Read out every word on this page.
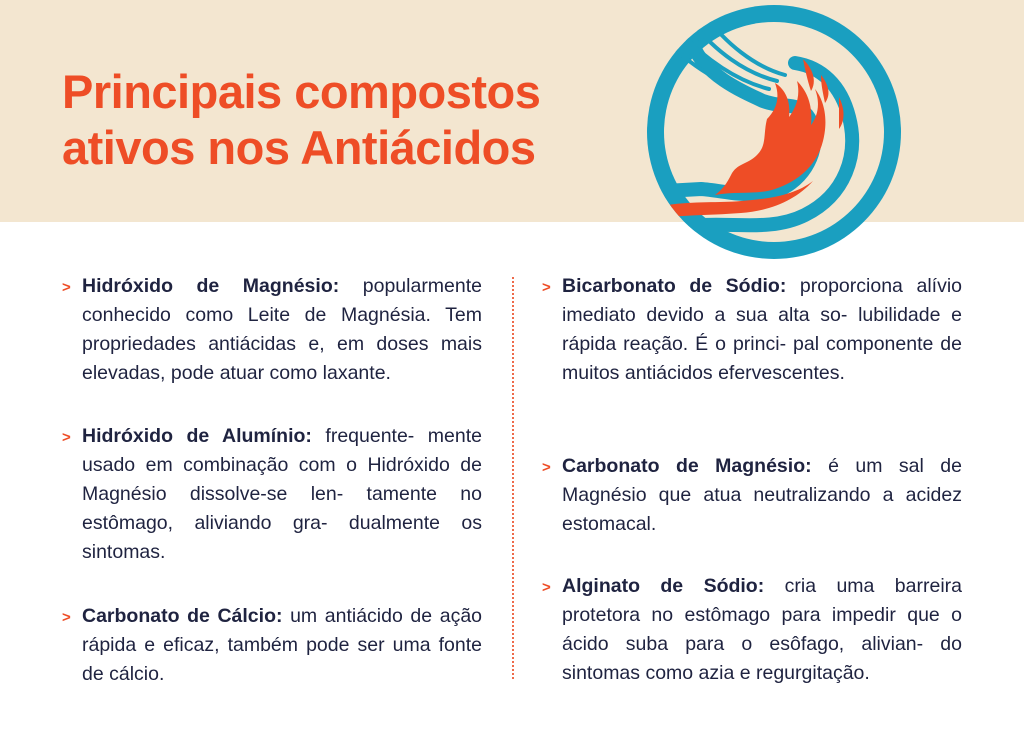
Principais compostos
ativos nos Antiácidos
> Hidróxido de Magnésio: popularmente conhecido como Leite de Magnésia. Tem propriedades antiácidas e, em doses mais elevadas, pode atuar como laxante.

> Hidróxido de Alumínio: frequente- mente usado em combinação com o Hidróxido de Magnésio dissolve-se len- tamente no estômago, aliviando gra- dualmente os sintomas.

> Carbonato de Cálcio: um antiácido de ação rápida e eficaz, também pode ser uma fonte de cálcio.

> Bicarbonato de Sódio: proporciona alívio imediato devido a sua alta so- lubilidade e rápida reação. É o princi- pal componente de muitos antiácidos efervescentes.

> Carbonato de Magnésio: é um sal de Magnésio que atua neutralizando a acidez estomacal.

> Alginato de Sódio: cria uma barreira protetora no estômago para impedir que o ácido suba para o esôfago, alivian- do sintomas como azia e regurgitação.
